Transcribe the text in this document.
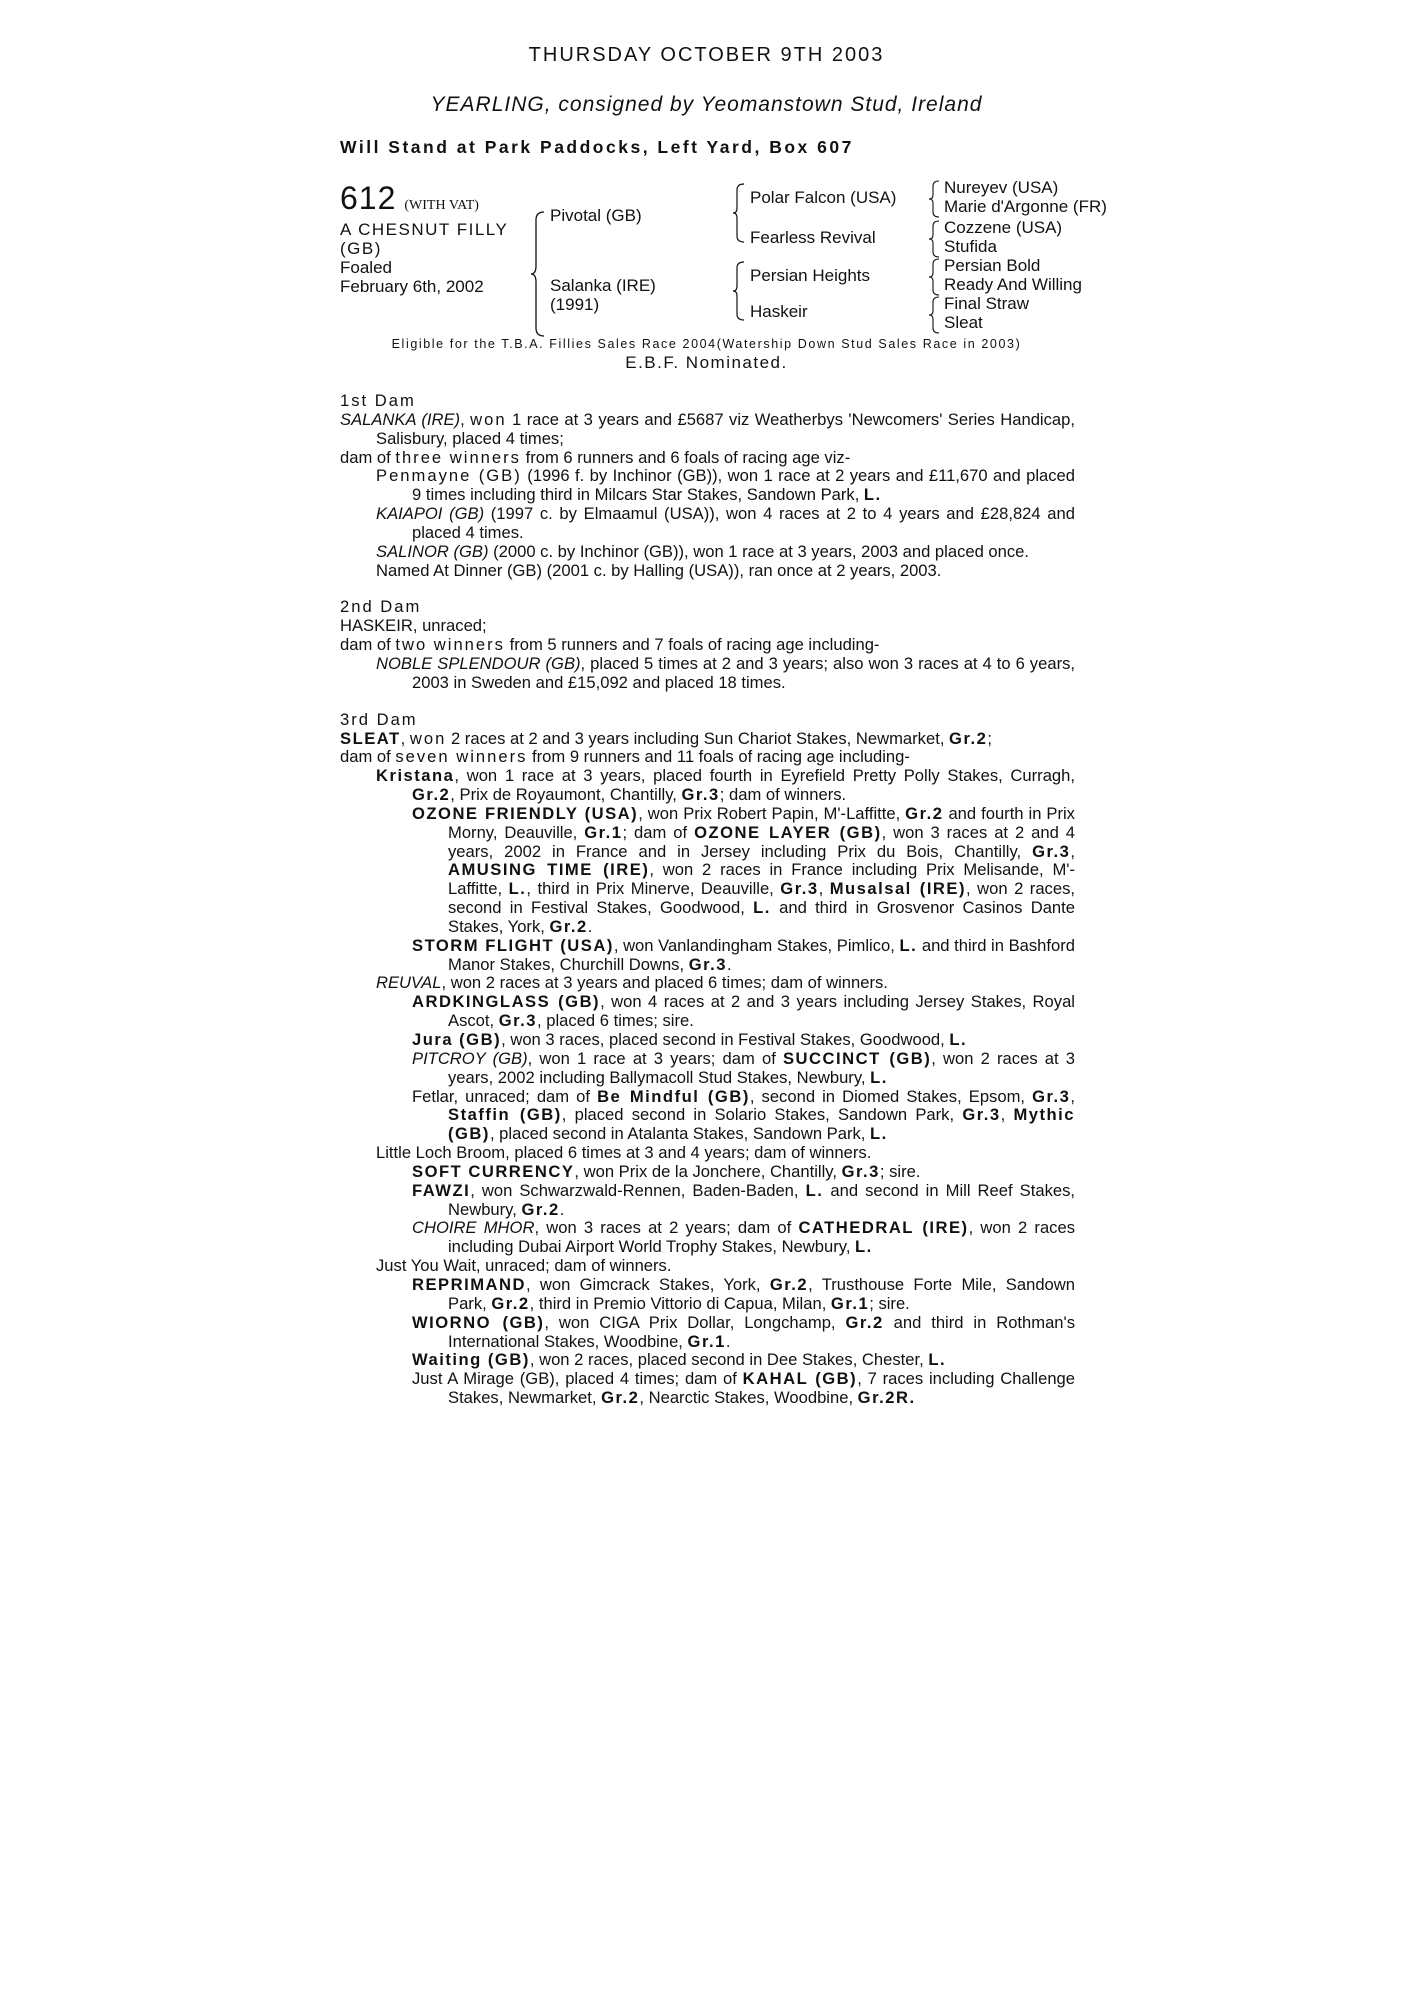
THURSDAY OCTOBER 9TH 2003
YEARLING, consigned by Yeomanstown Stud, Ireland
Will Stand at Park Paddocks, Left Yard, Box 607
612 (WITH VAT)
A CHESNUT FILLY (GB)
Foaled
February 6th, 2002
Pivotal (GB)
Salanka (IRE)
(1991)
Polar Falcon (USA)
Fearless Revival
Persian Heights
Haskeir
Nureyev (USA)
Marie d'Argonne (FR)
Cozzene (USA)
Stufida
Persian Bold
Ready And Willing
Final Straw
Sleat
Eligible for the T.B.A. Fillies Sales Race 2004(Watership Down Stud Sales Race in 2003)
E.B.F. Nominated.
1st Dam
SALANKA (IRE), won 1 race at 3 years and £5687 viz Weatherbys 'Newcomers' Series Handicap, Salisbury, placed 4 times;
dam of three winners from 6 runners and 6 foals of racing age viz-
Penmayne (GB) (1996 f. by Inchinor (GB)), won 1 race at 2 years and £11,670 and placed 9 times including third in Milcars Star Stakes, Sandown Park, L.
KAIAPOI (GB) (1997 c. by Elmaamul (USA)), won 4 races at 2 to 4 years and £28,824 and placed 4 times.
SALINOR (GB) (2000 c. by Inchinor (GB)), won 1 race at 3 years, 2003 and placed once.
Named At Dinner (GB) (2001 c. by Halling (USA)), ran once at 2 years, 2003.
2nd Dam
HASKEIR, unraced;
dam of two winners from 5 runners and 7 foals of racing age including-
NOBLE SPLENDOUR (GB), placed 5 times at 2 and 3 years; also won 3 races at 4 to 6 years, 2003 in Sweden and £15,092 and placed 18 times.
3rd Dam
SLEAT, won 2 races at 2 and 3 years including Sun Chariot Stakes, Newmarket, Gr.2;
dam of seven winners from 9 runners and 11 foals of racing age including-
Kristana, won 1 race at 3 years, placed fourth in Eyrefield Pretty Polly Stakes, Curragh, Gr.2, Prix de Royaumont, Chantilly, Gr.3; dam of winners.
OZONE FRIENDLY (USA), won Prix Robert Papin, M'-Laffitte, Gr.2 and fourth in Prix Morny, Deauville, Gr.1; dam of OZONE LAYER (GB), won 3 races at 2 and 4 years, 2002 in France and in Jersey including Prix du Bois, Chantilly, Gr.3, AMUSING TIME (IRE), won 2 races in France including Prix Melisande, M'-Laffitte, L., third in Prix Minerve, Deauville, Gr.3, Musalsal (IRE), won 2 races, second in Festival Stakes, Goodwood, L. and third in Grosvenor Casinos Dante Stakes, York, Gr.2.
STORM FLIGHT (USA), won Vanlandingham Stakes, Pimlico, L. and third in Bashford Manor Stakes, Churchill Downs, Gr.3.
REUVAL, won 2 races at 3 years and placed 6 times; dam of winners.
ARDKINGLASS (GB), won 4 races at 2 and 3 years including Jersey Stakes, Royal Ascot, Gr.3, placed 6 times; sire.
Jura (GB), won 3 races, placed second in Festival Stakes, Goodwood, L.
PITCROY (GB), won 1 race at 3 years; dam of SUCCINCT (GB), won 2 races at 3 years, 2002 including Ballymacoll Stud Stakes, Newbury, L.
Fetlar, unraced; dam of Be Mindful (GB), second in Diomed Stakes, Epsom, Gr.3, Staffin (GB), placed second in Solario Stakes, Sandown Park, Gr.3, Mythic (GB), placed second in Atalanta Stakes, Sandown Park, L.
Little Loch Broom, placed 6 times at 3 and 4 years; dam of winners.
SOFT CURRENCY, won Prix de la Jonchere, Chantilly, Gr.3; sire.
FAWZI, won Schwarzwald-Rennen, Baden-Baden, L. and second in Mill Reef Stakes, Newbury, Gr.2.
CHOIRE MHOR, won 3 races at 2 years; dam of CATHEDRAL (IRE), won 2 races including Dubai Airport World Trophy Stakes, Newbury, L.
Just You Wait, unraced; dam of winners.
REPRIMAND, won Gimcrack Stakes, York, Gr.2, Trusthouse Forte Mile, Sandown Park, Gr.2, third in Premio Vittorio di Capua, Milan, Gr.1; sire.
WIORNO (GB), won CIGA Prix Dollar, Longchamp, Gr.2 and third in Rothman's International Stakes, Woodbine, Gr.1.
Waiting (GB), won 2 races, placed second in Dee Stakes, Chester, L.
Just A Mirage (GB), placed 4 times; dam of KAHAL (GB), 7 races including Challenge Stakes, Newmarket, Gr.2, Nearctic Stakes, Woodbine, Gr.2R.
